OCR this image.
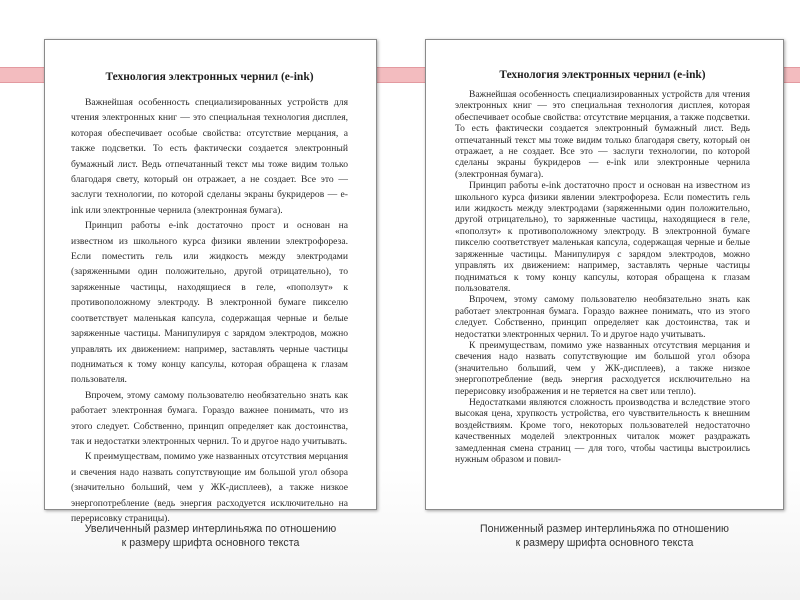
Технология электронных чернил (e-ink)

Важнейшая особенность специализированных устройств для чтения электронных книг — это специальная технология дисплея, которая обеспечивает особые свойства: отсутствие мерцания, а также подсветки. То есть фактически создается электронный бумажный лист. Ведь отпечатанный текст мы тоже видим только благодаря свету, который он отражает, а не создает. Все это — заслуги технологии, по которой сделаны экраны букридеров — e-ink или электронные чернила (электронная бумага).

Принцип работы e-ink достаточно прост и основан на известном из школьного курса физики явлении электрофореза. Если поместить гель или жидкость между электродами (заряженными один положительно, другой отрицательно), то заряженные частицы, находящиеся в геле, «поползут» к противоположному электроду. В электронной бумаге пикселю соответствует маленькая капсула, содержащая черные и белые заряженные частицы. Манипулируя с зарядом электродов, можно управлять их движением: например, заставлять черные частицы подниматься к тому концу капсулы, которая обращена к глазам пользователя.

Впрочем, этому самому пользователю необязательно знать как работает электронная бумага. Гораздо важнее понимать, что из этого следует. Собственно, принцип определяет как достоинства, так и недостатки электронных чернил. То и другое надо учитывать.

К преимуществам, помимо уже названных отсутствия мерцания и свечения надо назвать сопутствующие им большой угол обзора (значительно больший, чем у ЖК-дисплеев), а также низкое энергопотребление (ведь энергия расходуется исключительно на перерисовку страницы).

Технология электронных чернил (e-ink)

Важнейшая особенность специализированных устройств для чтения электронных книг — это специальная технология дисплея, которая обеспечивает особые свойства: отсутствие мерцания, а также подсветки. То есть фактически создается электронный бумажный лист. Ведь отпечатанный текст мы тоже видим только благодаря свету, который он отражает, а не создает. Все это — заслуги технологии, по которой сделаны экраны букридеров — e-ink или электронные чернила (электронная бумага).

Принцип работы e-ink достаточно прост и основан на известном из школьного курса физики явлении электрофореза. Если поместить гель или жидкость между электродами (заряженными один положительно, другой отрицательно), то заряженные частицы, находящиеся в геле, «поползут» к противоположному электроду. В электронной бумаге пикселю соответствует маленькая капсула, содержащая черные и белые заряженные частицы. Манипулируя с зарядом электродов, можно управлять их движением: например, заставлять черные частицы подниматься к тому концу капсулы, которая обращена к глазам пользователя.

Впрочем, этому самому пользователю необязательно знать как работает электронная бумага. Гораздо важнее понимать, что из этого следует. Собственно, принцип определяет как достоинства, так и недостатки электронных чернил. То и другое надо учитывать.

К преимуществам, помимо уже названных отсутствия мерцания и свечения надо назвать сопутствующие им большой угол обзора (значительно больший, чем у ЖК-дисплеев), а также низкое энергопотребление (ведь энергия расходуется исключительно на перерисовку изображения и не теряется на свет или тепло).

Недостатками являются сложность производства и вследствие этого высокая цена, хрупкость устройства, его чувствительность к внешним воздействиям. Кроме того, некоторых пользователей недостаточно качественных моделей электронных читалок может раздражать замедленная смена страниц — для того, чтобы частицы выстроились нужным образом и повил-

Увеличенный размер интерлиньяжа по отношению
к размеру шрифта основного текста
Пониженный размер интерлиньяжа по отношению
к размеру шрифта основного текста
